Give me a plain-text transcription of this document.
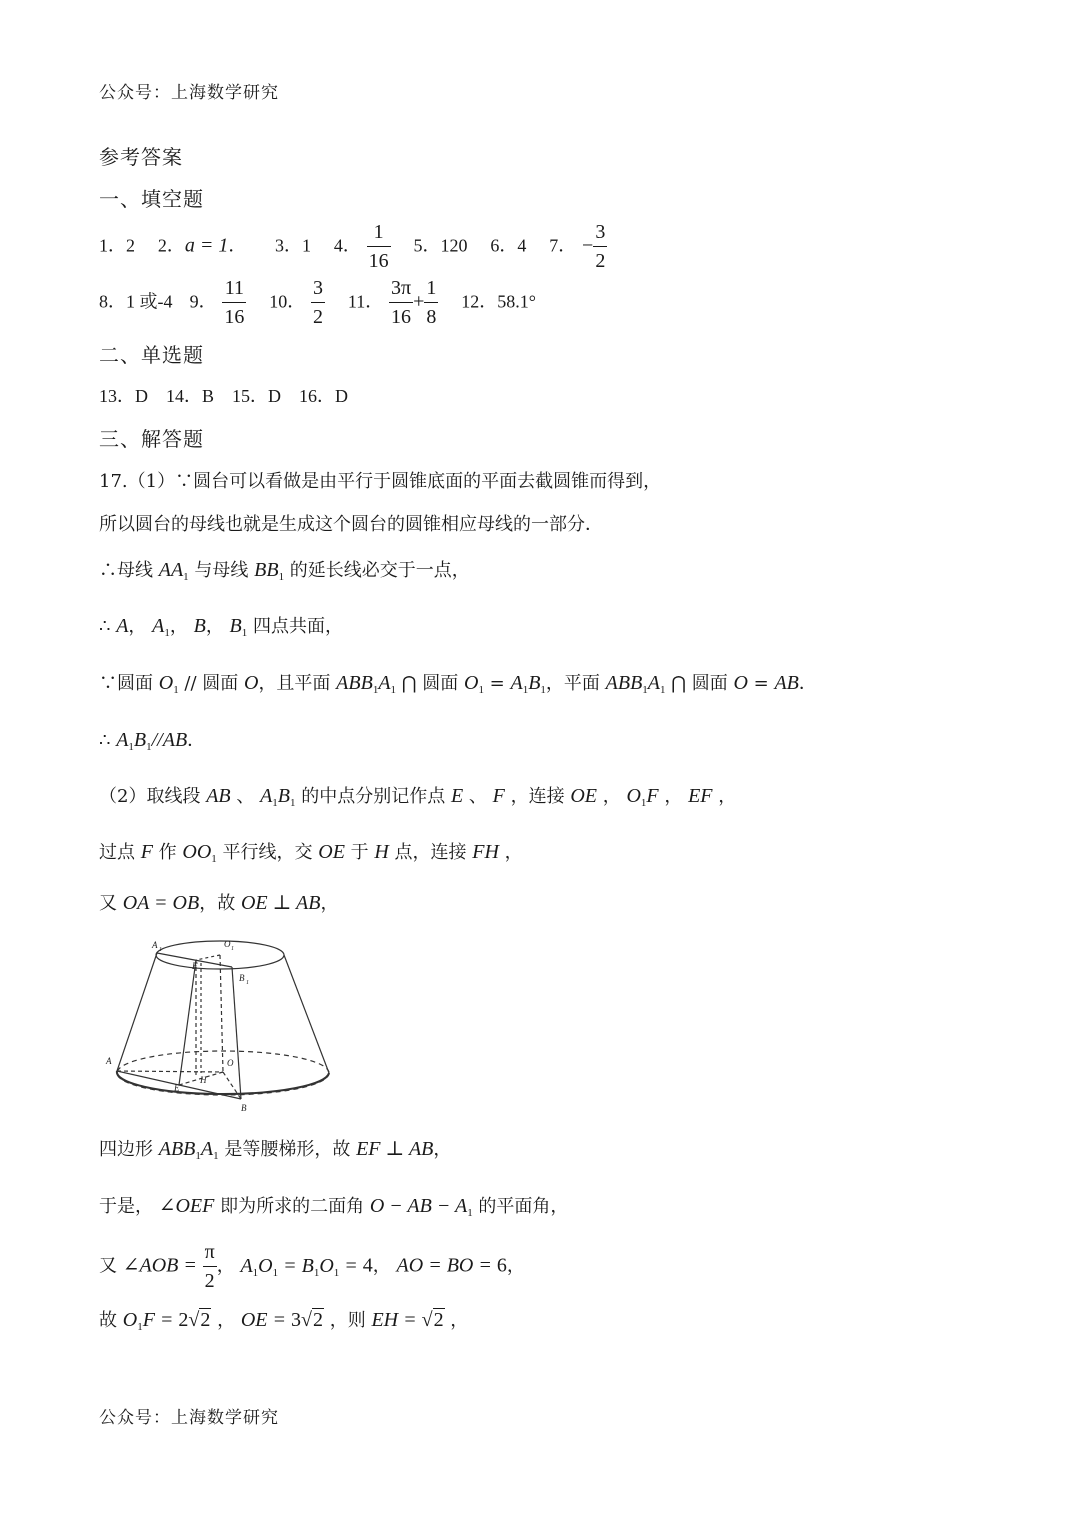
公众号：上海数学研究
参考答案
一、填空题
1．2 2．a = 1． 3．1 4． $\frac{1}{16} 5$．120 6．4 7． − $\frac{3}{2}$
8．1 或-4 9． $\frac{11}{16} 10$． $\frac{3}{2} 11$． $\frac{3\pi}{16} + \frac{1}{8} 12$．58.1°
二、单选题
13．D    14．B    15．D    16．D
三、解答题
17.（1）∵圆台可以看做是由平行于圆锥底面的平面去截圆锥而得到，
所以圆台的母线也就是生成这个圆台的圆锥相应母线的一部分．
∴母线 $AA_1$ 与母线 $BB_1$ 的延长线必交于一点，
∴ A， $A_1$， B， $B_1$ 四点共面，
∵圆面 $O_1$ // 圆面 O，且平面 $ABB_1A_1$ ⋂ 圆面 $O_1 = A_1B_1$，平面 $ABB_1A_1$ ⋂ 圆面 O = AB．
∴ $A_1B_1//AB$．
（2）取线段 AB 、 $A_1B_1$ 的中点分别记作点 E 、 F ，连接 OE ， $O_1F$ ， EF ，
过点 F 作 $OO_1$ 平行线，交 OE 于 H 点，连接 FH ，
又 OA = OB，故 OE ⊥ AB，
A 1
O 1
B 1
F
A	O
H
E
B
四边形 $ABB_1A_1$ 是等腰梯形，故 EF ⊥ AB，
于是， ∠OEF 即为所求的二面角 O − AB − $A_1$ 的平面角，
又 ∠AOB = $\frac{\pi}{2}$ ， $A_1O_1 = B_1O_1 = 4$， AO = BO = 6，
故 $O_1F = 2√2$ ， OE = 3√2 ，则 EH = √2 ，
公众号：上海数学研究
